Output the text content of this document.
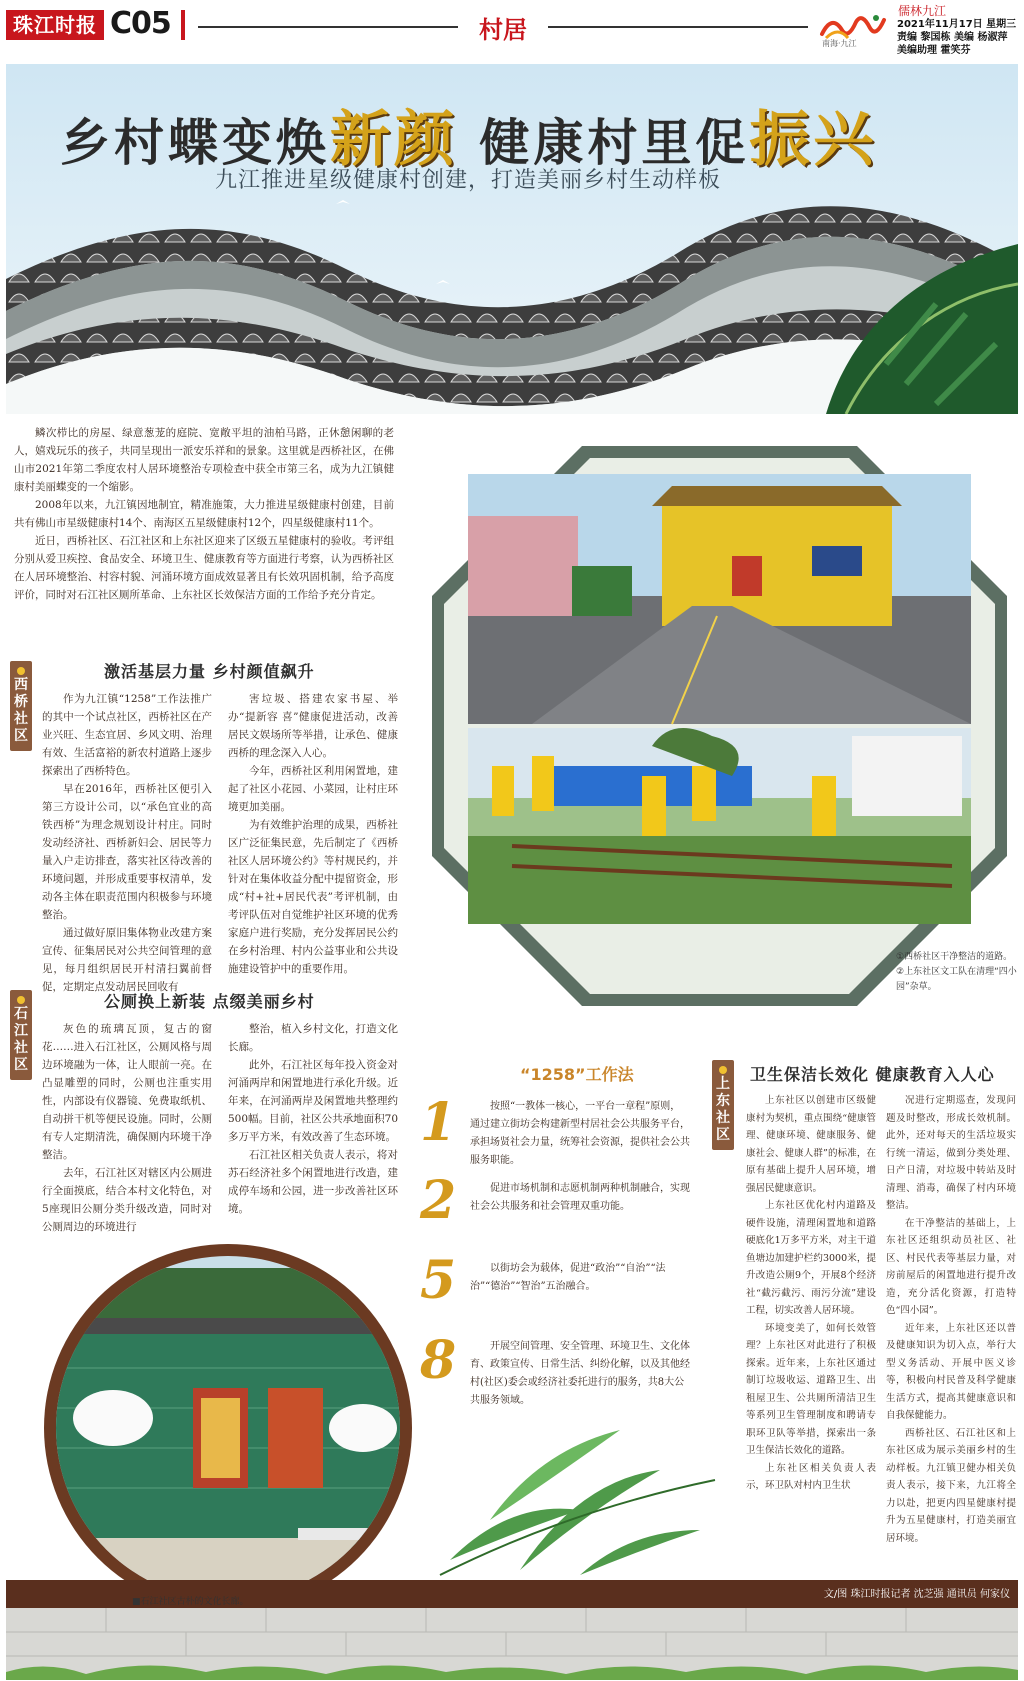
珠江时报 C05	村居	南海·九江
儒林九江
2021年11月17日 星期三
责编 黎国栋 美编 杨淑萍
美编助理 霍笑芬
乡村蝶变焕新颜 健康村里促振兴
九江推进星级健康村创建，打造美丽乡村生动样板

鳞次栉比的房屋、绿意葱茏的庭院、宽敞平坦的油柏马路，正休憩闲聊的老人，嬉戏玩乐的孩子，共同呈现出一派安乐祥和的景象。这里就是西桥社区，在佛山市2021年第二季度农村人居环境整治专项检查中获全市第三名，成为九江镇健康村美丽蝶变的一个缩影。

2008年以来，九江镇因地制宜，精准施策，大力推进星级健康村创建，目前共有佛山市星级健康村14个、南海区五星级健康村12个，四星级健康村11个。

近日，西桥社区、石江社区和上东社区迎来了区级五星健康村的验收。考评组分别从爱卫疾控、食品安全、环境卫生、健康教育等方面进行考察，认为西桥社区在人居环境整治、村容村貌、河涌环境方面成效显著且有长效巩固机制，给予高度评价，同时对石江社区厕所革命、上东社区长效保洁方面的工作给予充分肯定。

西桥社区
激活基层力量 乡村颜值飙升

作为九江镇“1258”工作法推广的其中一个试点社区，西桥社区在产业兴旺、生态宜居、乡风文明、治理有效、生活富裕的新农村道路上逐步探索出了西桥特色。

早在2016年，西桥社区便引入第三方设计公司，以“承色宜业的高铁西桥”为理念规划设计村庄。同时发动经济社、西桥新妇会、居民等力量入户走访排查，落实社区待改善的环境问题，并形成重要事权清单，发动各主体在职责范围内积极参与环境整治。

通过做好原旧集体物业改建方案宣传、征集居民对公共空间管理的意见，每月组织居民开村清扫翼前督促，定期定点发动居民回收有

害垃圾、搭建农家书屋、举办“提新容 喜”健康促进活动，改善居民文娱场所等举措，让承色、健康西桥的理念深入人心。

今年，西桥社区利用闲置地，建起了社区小花园、小菜园，让村庄环境更加美丽。

为有效维护治理的成果，西桥社区广泛征集民意，先后制定了《西桥社区人居环境公约》等村规民约，并针对在集体收益分配中提留资金，形成“村+社+居民代表”考评机制，由考评队伍对自觉维护社区环境的优秀家庭户进行奖励，充分发挥居民公约在乡村治理、村内公益事业和公共设施建设管护中的重要作用。

石江社区
公厕换上新装 点缀美丽乡村

灰色的琉璃瓦顶，复古的窗花……进入石江社区，公厕风格与周边环境融为一体，让人眼前一亮。在凸显雕塑的同时，公厕也注重实用性，内部设有仪器镜、免费取纸机、自动拼干机等便民设施。同时，公厕有专人定期清洗，确保厕内环境干净整洁。

去年，石江社区对辖区内公厕进行全面摸底，结合本村文化特色，对5座现旧公厕分类升级改造，同时对公厕周边的环境进行

整治，植入乡村文化，打造文化长廊。

此外，石江社区每年投入资金对河涌两岸和闲置地进行承化升级。近年来，在河涌两岸及闲置地共整理约500幅。目前，社区公共承地面积70多万平方米，有效改善了生态环境。

石江社区相关负责人表示，将对苏石经济社多个闲置地进行改造，建成停车场和公园，进一步改善社区环境。

①西桥社区干净整洁的道路。
②上东社区文工队在清理“四小园”杂草。
“1258”工作法
1	按照“一教体一核心，一平台一章程”原则，通过建立街坊会构建新型村居社会公共服务平台，承担场贤社会力量，统筹社会资源，提供社会公共服务职能。

2	促进市场机制和志愿机制两种机制融合，实现社会公共服务和社会管理双重功能。

5	以街坊会为载体，促进“政治”“自治”“法治”“德治”“智治”五治融合。

8	开展空间管理、安全管理、环境卫生、文化体育、政策宣传、日常生活、纠纷化解，以及其他经村(社区)委会或经济社委托进行的服务，共8大公共服务领域。

上东社区
卫生保洁长效化 健康教育入人心

上东社区以创建市区级健康村为契机，重点围绕“健康管理、健康环境、健康服务、健康社会、健康人群”的标准，在原有基础上提升人居环境，增强居民健康意识。

上东社区优化村内道路及硬件设施，清理闲置地和道路硬底化1万多平方米，对主干道鱼塘边加建护栏约3000米，提升改造公厕9个，开展8个经济社“截污截污、雨污分流”建设工程，切实改善人居环境。

环境变美了，如何长效管理？上东社区对此进行了积极探索。近年来，上东社区通过制订垃圾收运、道路卫生、出租屋卫生、公共厕所清洁卫生等系列卫生管理制度和聘请专职环卫队等举措，探索出一条卫生保洁长效化的道路。

上东社区相关负责人表示，环卫队对村内卫生状

况进行定期巡查，发现问题及时整改，形成长效机制。此外，还对每天的生活垃圾实行统一清运，做到分类处理、日产日清，对垃圾中转站及时清理、消毒，确保了村内环境整洁。

在干净整洁的基础上，上东社区还组织动员社区、社区、村民代表等基层力量，对房前屋后的闲置地进行提升改造，充分活化资源，打造特色“四小园”。

近年来，上东社区还以普及健康知识为切入点，举行大型义务活动、开展中医义诊等，积极向村民普及科学健康生活方式，提高其健康意识和自我保健能力。

西桥社区、石江社区和上东社区成为展示美丽乡村的生动样板。九江镇卫健办相关负责人表示，接下来，九江将全力以赴，把更内四星健康村提升为五星健康村，打造美丽宜居环境。

文/图 珠江时报记者 沈芝强 通讯员 何家仪
■石江社区古朴的文化长廊。
